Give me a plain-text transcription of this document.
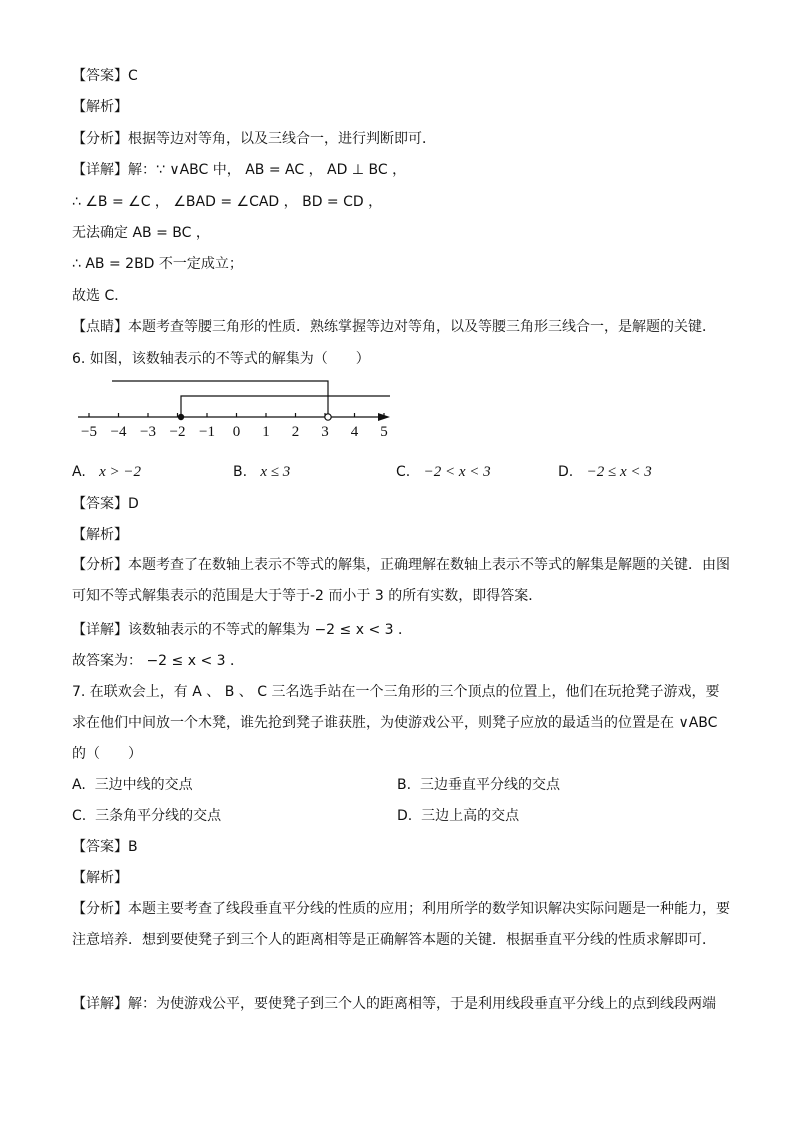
【答案】C
【解析】
【分析】根据等边对等角，以及三线合一，进行判断即可．
【详解】解：∵ ∨ABC 中， AB = AC ， AD ⊥ BC ，
∴ ∠B = ∠C ， ∠BAD = ∠CAD ， BD = CD ，
无法确定 AB = BC ，
∴ AB = 2BD 不一定成立；
故选 C．
【点睛】本题考查等腰三角形的性质．熟练掌握等边对等角，以及等腰三角形三线合一，是解题的关键．
6. 如图，该数轴表示的不等式的解集为（　　）
−5 −4 −3 −2 −1 0 1 2 3 4 5
A. x > −2	B. x ≤ 3	C. −2 < x < 3	D. −2 ≤ x < 3
【答案】D
【解析】
【分析】本题考查了在数轴上表示不等式的解集，正确理解在数轴上表示不等式的解集是解题的关键．由图可知不等式解集表示的范围是大于等于-2 而小于 3 的所有实数，即得答案．
【详解】该数轴表示的不等式的解集为 −2 ≤ x < 3 ．
故答案为： −2 ≤ x < 3 ．
7. 在联欢会上，有 A 、 B 、 C 三名选手站在一个三角形的三个顶点的位置上，他们在玩抢凳子游戏，要求在他们中间放一个木凳，谁先抢到凳子谁获胜，为使游戏公平，则凳子应放的最适当的位置是在 ∨ABC 的（　　）
A. 三边中线的交点	B. 三边垂直平分线的交点
C. 三条角平分线的交点	D. 三边上高的交点
【答案】B
【解析】
【分析】本题主要考查了线段垂直平分线的性质的应用；利用所学的数学知识解决实际问题是一种能力，要注意培养．想到要使凳子到三个人的距离相等是正确解答本题的关键．根据垂直平分线的性质求解即可．
【详解】解：为使游戏公平，要使凳子到三个人的距离相等，于是利用线段垂直平分线上的点到线段两端
